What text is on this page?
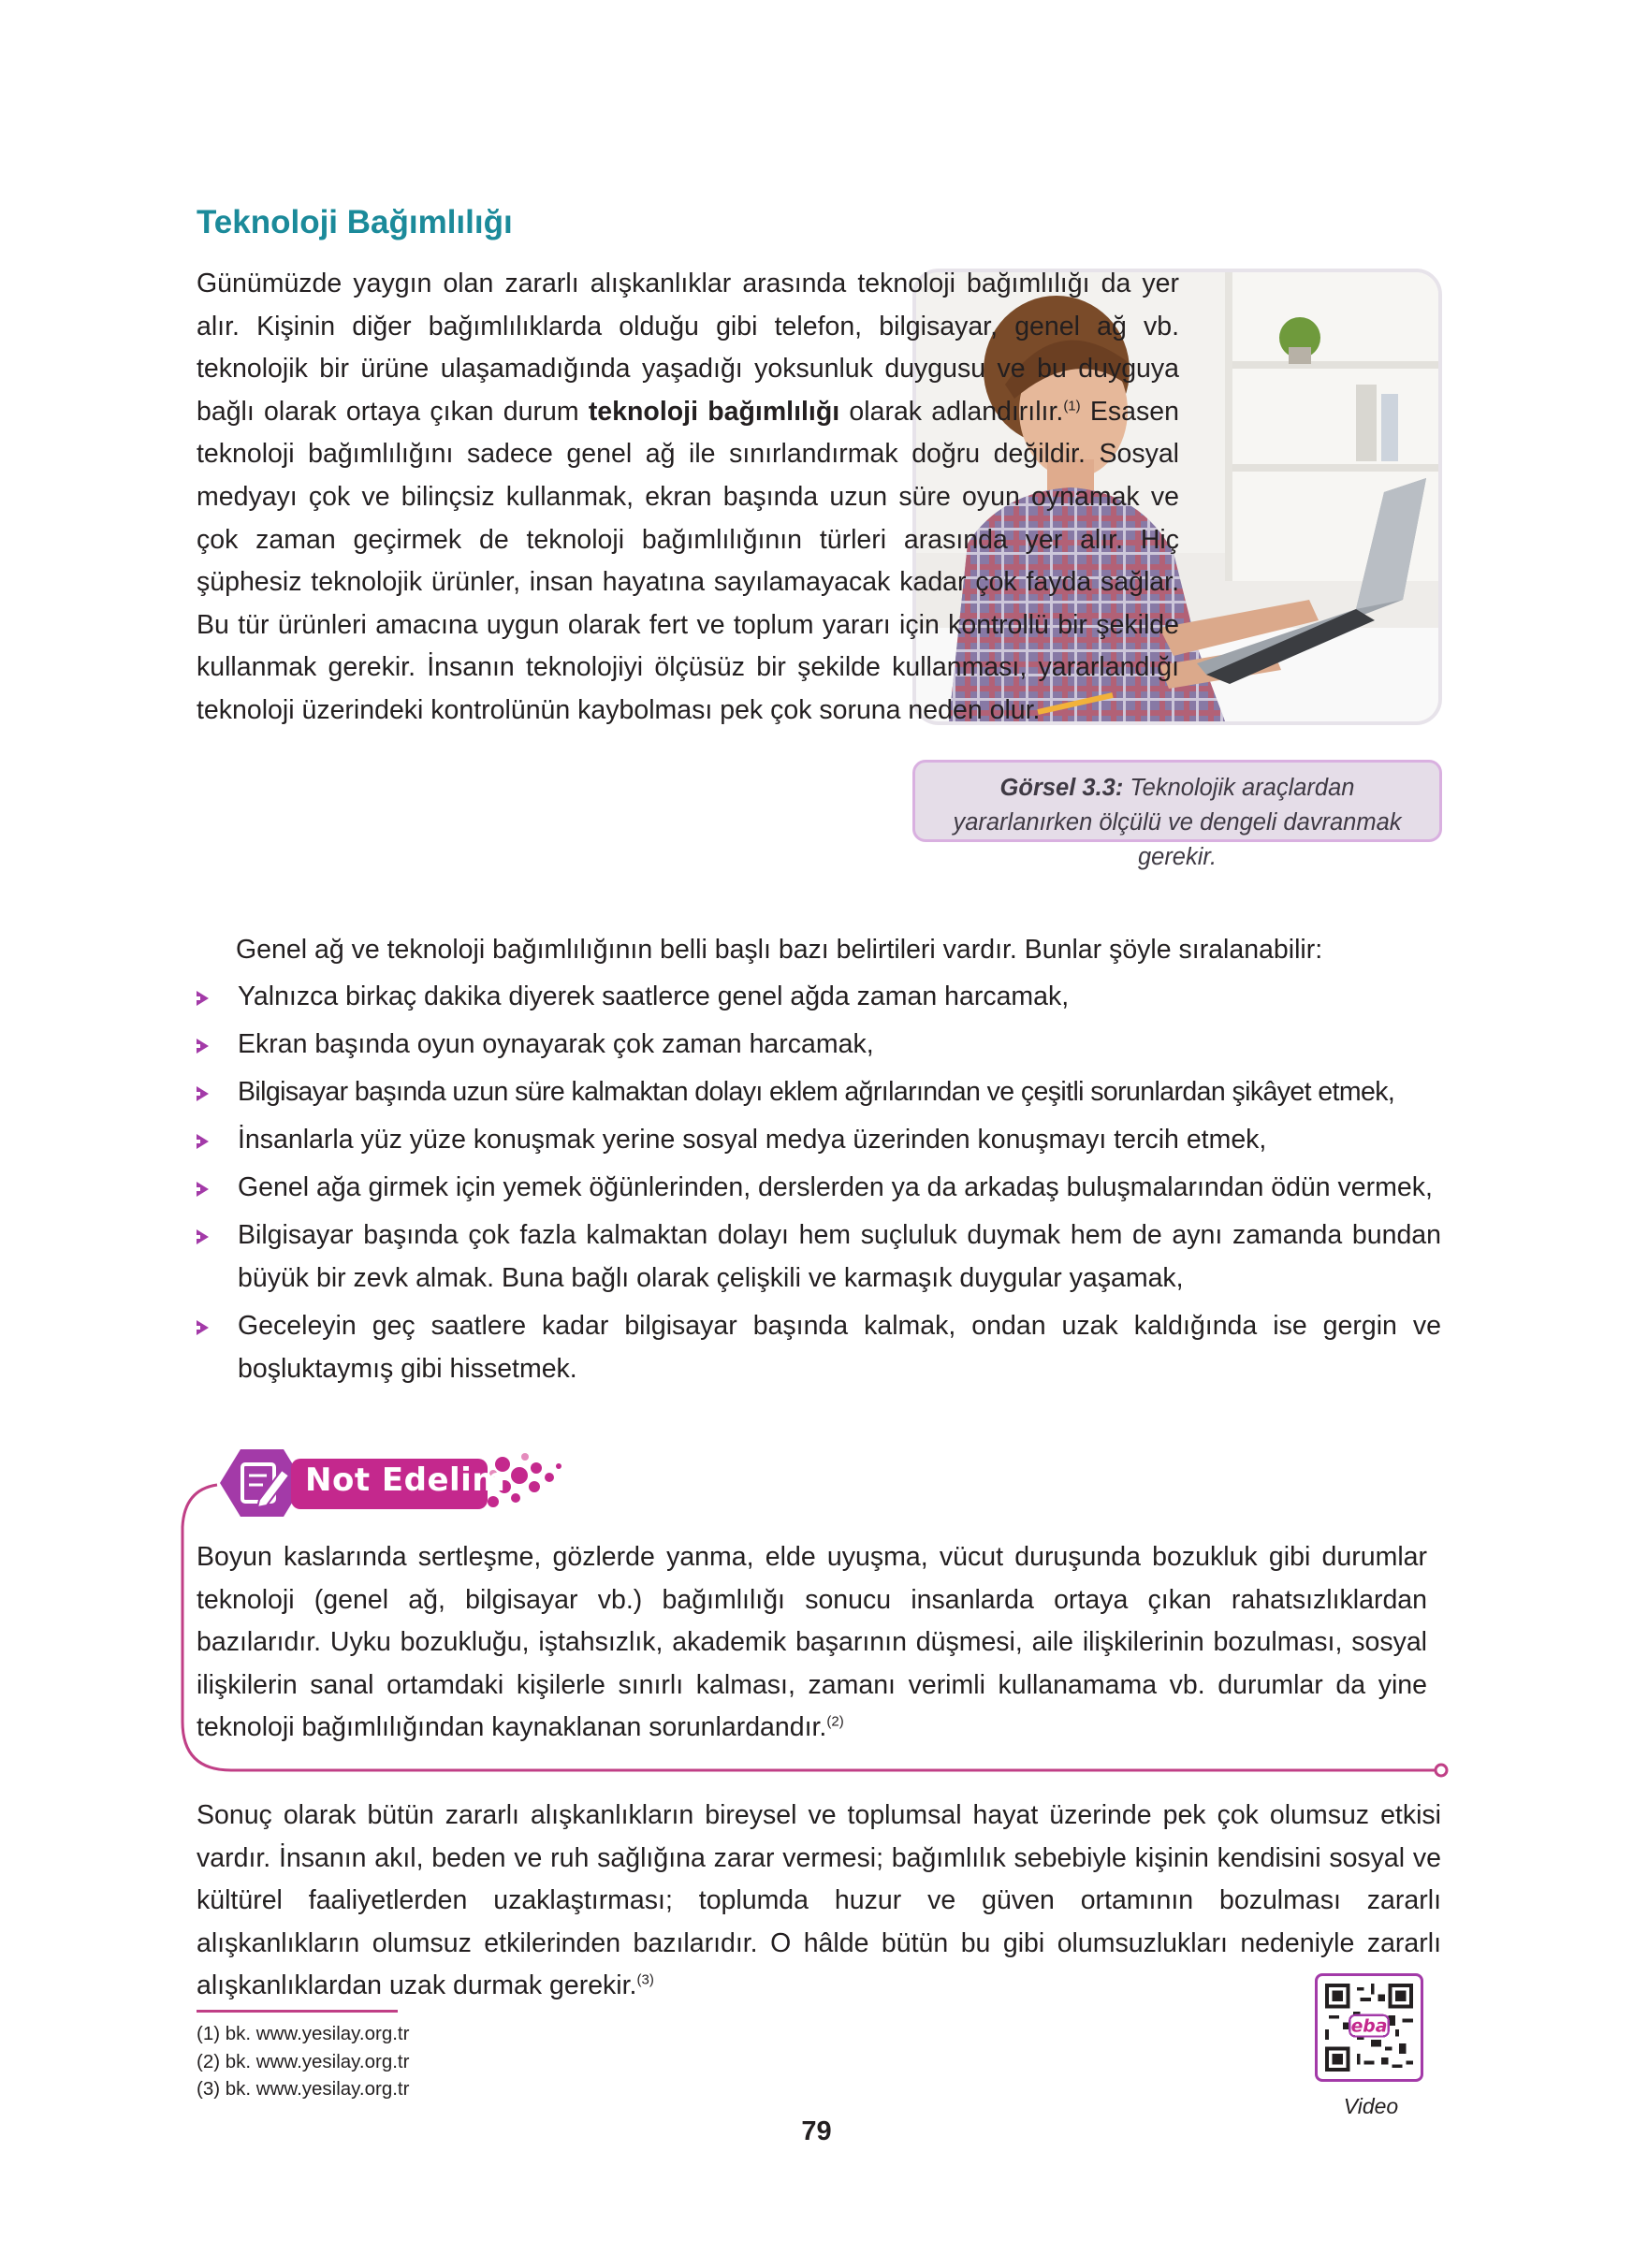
Teknoloji Bağımlılığı
Görsel 3.3: Teknolojik araçlardan yararlanırken ölçülü ve dengeli davranmak gerekir.

Günümüzde yaygın olan zararlı alışkanlıklar arasında teknoloji bağımlılığı da yer alır. Kişinin diğer bağımlılıklarda olduğu gibi telefon, bilgisayar, genel ağ vb. teknolojik bir ürüne ulaşamadığında yaşadığı yoksunluk duygusu ve bu duyguya bağlı olarak ortaya çıkan durum teknoloji bağımlılığı olarak adlandırılır.$^{(1)}$ Esasen teknoloji bağımlılığını sadece genel ağ ile sınırlandırmak doğru değildir. Sosyal medyayı çok ve bilinçsiz kullanmak, ekran başında uzun süre oyun oynamak ve çok zaman geçirmek de teknoloji bağımlılığının türleri arasında yer alır. Hiç şüphesiz teknolojik ürünler, insan hayatına sayılamayacak kadar çok fayda sağlar. Bu tür ürünleri amacına uygun olarak fert ve toplum yararı için kontrollü bir şekilde kullanmak gerekir. İnsanın teknolojiyi ölçüsüz bir şekilde kullanması, yararlandığı teknoloji üzerindeki kontrolünün kaybolması pek çok soruna neden olur.

Genel ağ ve teknoloji bağımlılığının belli başlı bazı belirtileri vardır. Bunlar şöyle sıralanabilir:

Yalnızca birkaç dakika diyerek saatlerce genel ağda zaman harcamak,
Ekran başında oyun oynayarak çok zaman harcamak,
Bilgisayar başında uzun süre kalmaktan dolayı eklem ağrılarından ve çeşitli sorunlardan şikâyet etmek,
İnsanlarla yüz yüze konuşmak yerine sosyal medya üzerinden konuşmayı tercih etmek,
Genel ağa girmek için yemek öğünlerinden, derslerden ya da arkadaş buluşmalarından ödün vermek,
Bilgisayar başında çok fazla kalmaktan dolayı hem suçluluk duymak hem de aynı zamanda bundan büyük bir zevk almak. Buna bağlı olarak çelişkili ve karmaşık duygular yaşamak,
Geceleyin geç saatlere kadar bilgisayar başında kalmak, ondan uzak kaldığında ise gergin ve boşluktaymış gibi hissetmek.
Not Edelim

Boyun kaslarında sertleşme, gözlerde yanma, elde uyuşma, vücut duruşunda bozukluk gibi durumlar teknoloji (genel ağ, bilgisayar vb.) bağımlılığı sonucu insanlarda ortaya çıkan rahatsızlıklardan bazılarıdır. Uyku bozukluğu, iştahsızlık, akademik başarının düşmesi, aile ilişkilerinin bozulması, sosyal ilişkilerin sanal ortamdaki kişilerle sınırlı kalması, zamanı verimli kullanamama vb. durumlar da yine teknoloji bağımlılığından kaynaklanan sorunlardandır.$^{(2)}$

Sonuç olarak bütün zararlı alışkanlıkların bireysel ve toplumsal hayat üzerinde pek çok olumsuz etkisi vardır. İnsanın akıl, beden ve ruh sağlığına zarar vermesi; bağımlılık sebebiyle kişinin kendisini sosyal ve kültürel faaliyetlerden uzaklaştırması; toplumda huzur ve güven ortamının bozulması zararlı alışkanlıkların olumsuz etkilerinden bazılarıdır. O hâlde bütün bu gibi olumsuzlukları nedeniyle zararlı alışkanlıklardan uzak durmak gerekir.$^{(3)}$

(1) bk. www.yesilay.org.tr
(2) bk. www.yesilay.org.tr
(3) bk. www.yesilay.org.tr
eba
Video
79
